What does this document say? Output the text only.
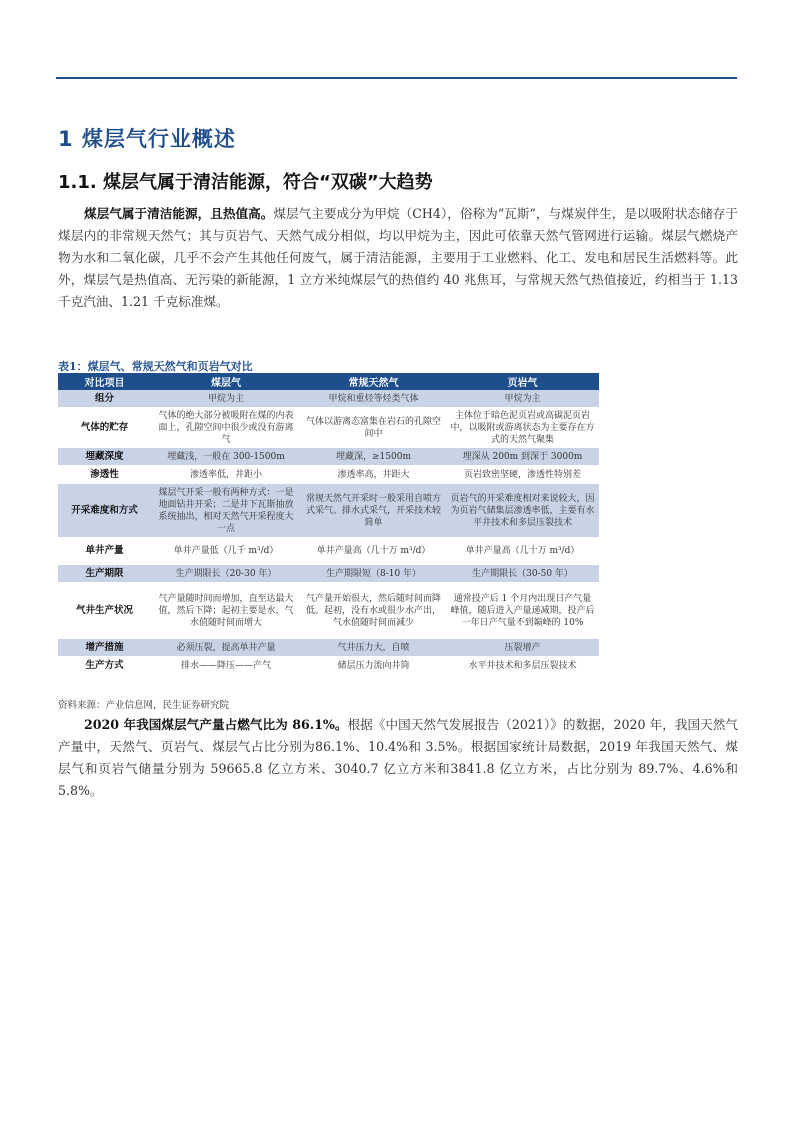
1 煤层气行业概述
1.1. 煤层气属于清洁能源，符合“双碳”大趋势
煤层气属于清洁能源，且热值高。煤层气主要成分为甲烷（CH4），俗称为“瓦斯”，与煤炭伴生，是以吸附状态储存于煤层内的非常规天然气；其与页岩气、天然气成分相似，均以甲烷为主，因此可依靠天然气管网进行运输。煤层气燃烧产物为水和二氧化碳，几乎不会产生其他任何废气，属于清洁能源，主要用于工业燃料、化工、发电和居民生活燃料等。此外，煤层气是热值高、无污染的新能源，1 立方米纯煤层气的热值约 40 兆焦耳，与常规天然气热值接近，约相当于 1.13 千克汽油、1.21 千克标准煤。
表1：煤层气、常规天然气和页岩气对比
对比项目	煤层气	常规天然气	页岩气
组分	甲烷为主	甲烷和重烃等烃类气体	甲烷为主
气体的贮存	气体的绝大部分被吸附在煤的内表面上，孔隙空间中很少或没有游离气	气体以游离态富集在岩石的孔隙空间中	主体位于暗色泥页岩或高碳泥页岩中，以吸附或游离状态为主要存在方式的天然气聚集
埋藏深度	埋藏浅，一般在 300-1500m	埋藏深，≥1500m	埋深从 200m 到深于 3000m
渗透性	渗透率低，井距小	渗透率高，井距大	页岩致密坚硬，渗透性特别差
开采难度和方式	煤层气开采一般有两种方式：一是地面钻井开采；二是井下瓦斯抽放系统抽出，相对天然气开采程度大一点	常规天然气开采时一般采用自喷方式采气、排水式采气，开采技术较简单	页岩气的开采难度相对来说较大，因为页岩气储集层渗透率低，主要有水平井技术和多层压裂技术
单井产量	单井产量低（几千 m³/d）	单井产量高（几十万 m³/d）	单井产量高（几十万 m³/d）
生产期限	生产期限长（20-30 年）	生产期限短（8-10 年）	生产期限长（30-50 年）
气井生产状况	气产量随时间而增加，直至达最大值，然后下降；起初主要是水，气水值随时间而增大	气产量开始很大，然后随时间而降低。起初，没有水或很少水产出，气水值随时间而减少	通常投产后 1 个月内出现日产气量峰值，随后进入产量递减期，投产后一年日产气量不到巅峰的 10%
增产措施	必须压裂，提高单井产量	气井压力大，自喷	压裂增产
生产方式	排水——降压——产气	储层压力流向井筒	水平井技术和多层压裂技术
资料来源：产业信息网，民生证券研究院
2020 年我国煤层气产量占燃气比为 86.1%。根据《中国天然气发展报告（2021）》的数据，2020 年，我国天然气产量中，天然气、页岩气、煤层气占比分别为86.1%、10.4%和 3.5%。根据国家统计局数据，2019 年我国天然气、煤层气和页岩气储量分别为 59665.8 亿立方米、3040.7 亿立方米和3841.8 亿立方米，占比分别为 89.7%、4.6%和 5.8%。
